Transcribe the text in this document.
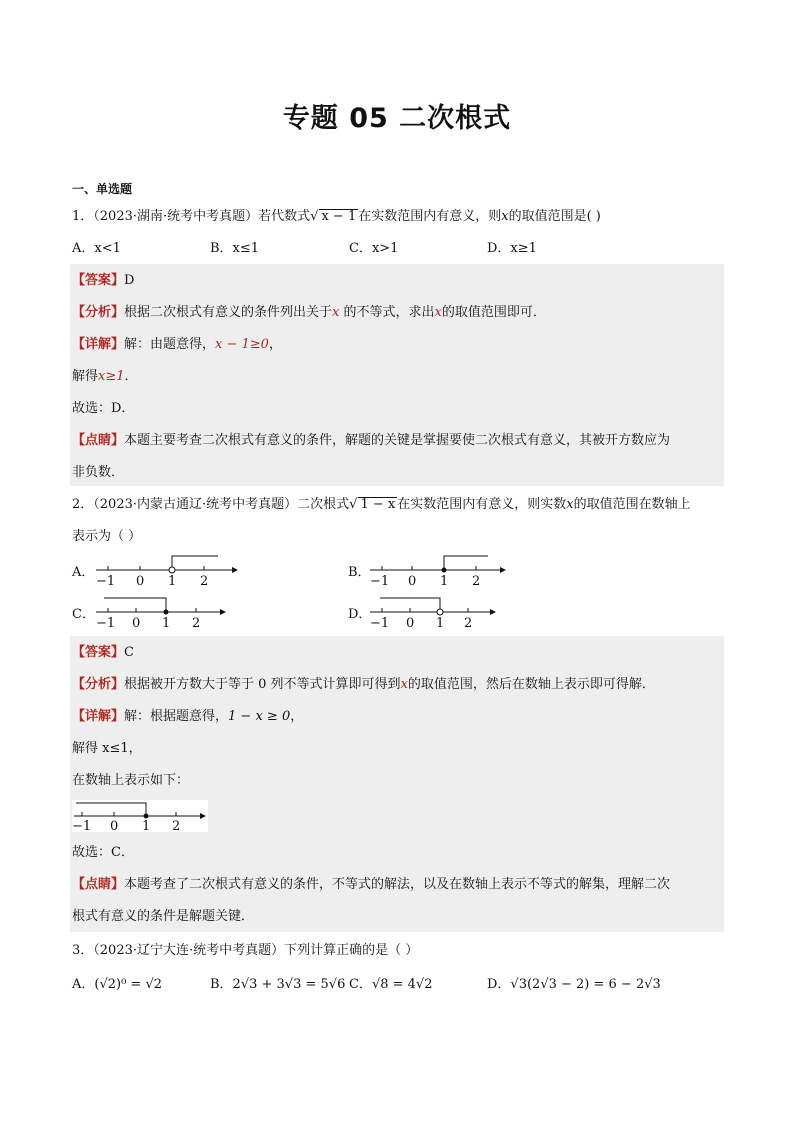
专题 05 二次根式
一、单选题
1．（2023·湖南·统考中考真题）若代数式√ x − 1 在实数范围内有意义，则x的取值范围是( )
A．x<1	B．x≤1	C．x>1	D．x≥1
【答案】D
【分析】根据二次根式有意义的条件列出关于x 的不等式，求出x的取值范围即可．
【详解】解：由题意得，x − 1≥0，
解得x≥1．
故选：D．
【点睛】本题主要考查二次根式有意义的条件，解题的关键是掌握要使二次根式有意义，其被开方数应为
非负数．
2．（2023·内蒙古通辽·统考中考真题）二次根式√ 1 − x 在实数范围内有意义，则实数x的取值范围在数轴上
表示为（ ）
A．
−1 0 1 2
B．
−1 0 1 2
C．
−1 0 1 2
D．
−1 0 1 2
【答案】C
【分析】根据被开方数大于等于 0 列不等式计算即可得到x的取值范围，然后在数轴上表示即可得解．
【详解】解：根据题意得，1 − x ≥ 0，
解得 x≤1，
在数轴上表示如下：
−1 0 1 2
故选：C．
【点睛】本题考查了二次根式有意义的条件，不等式的解法，以及在数轴上表示不等式的解集，理解二次
根式有意义的条件是解题关键．
3．（2023·辽宁大连·统考中考真题）下列计算正确的是（ ）
A．(√2)⁰ = √2	B．2√3 + 3√3 = 5√6 C．√8 = 4√2	D．√3(2√3 − 2) = 6 − 2√3
